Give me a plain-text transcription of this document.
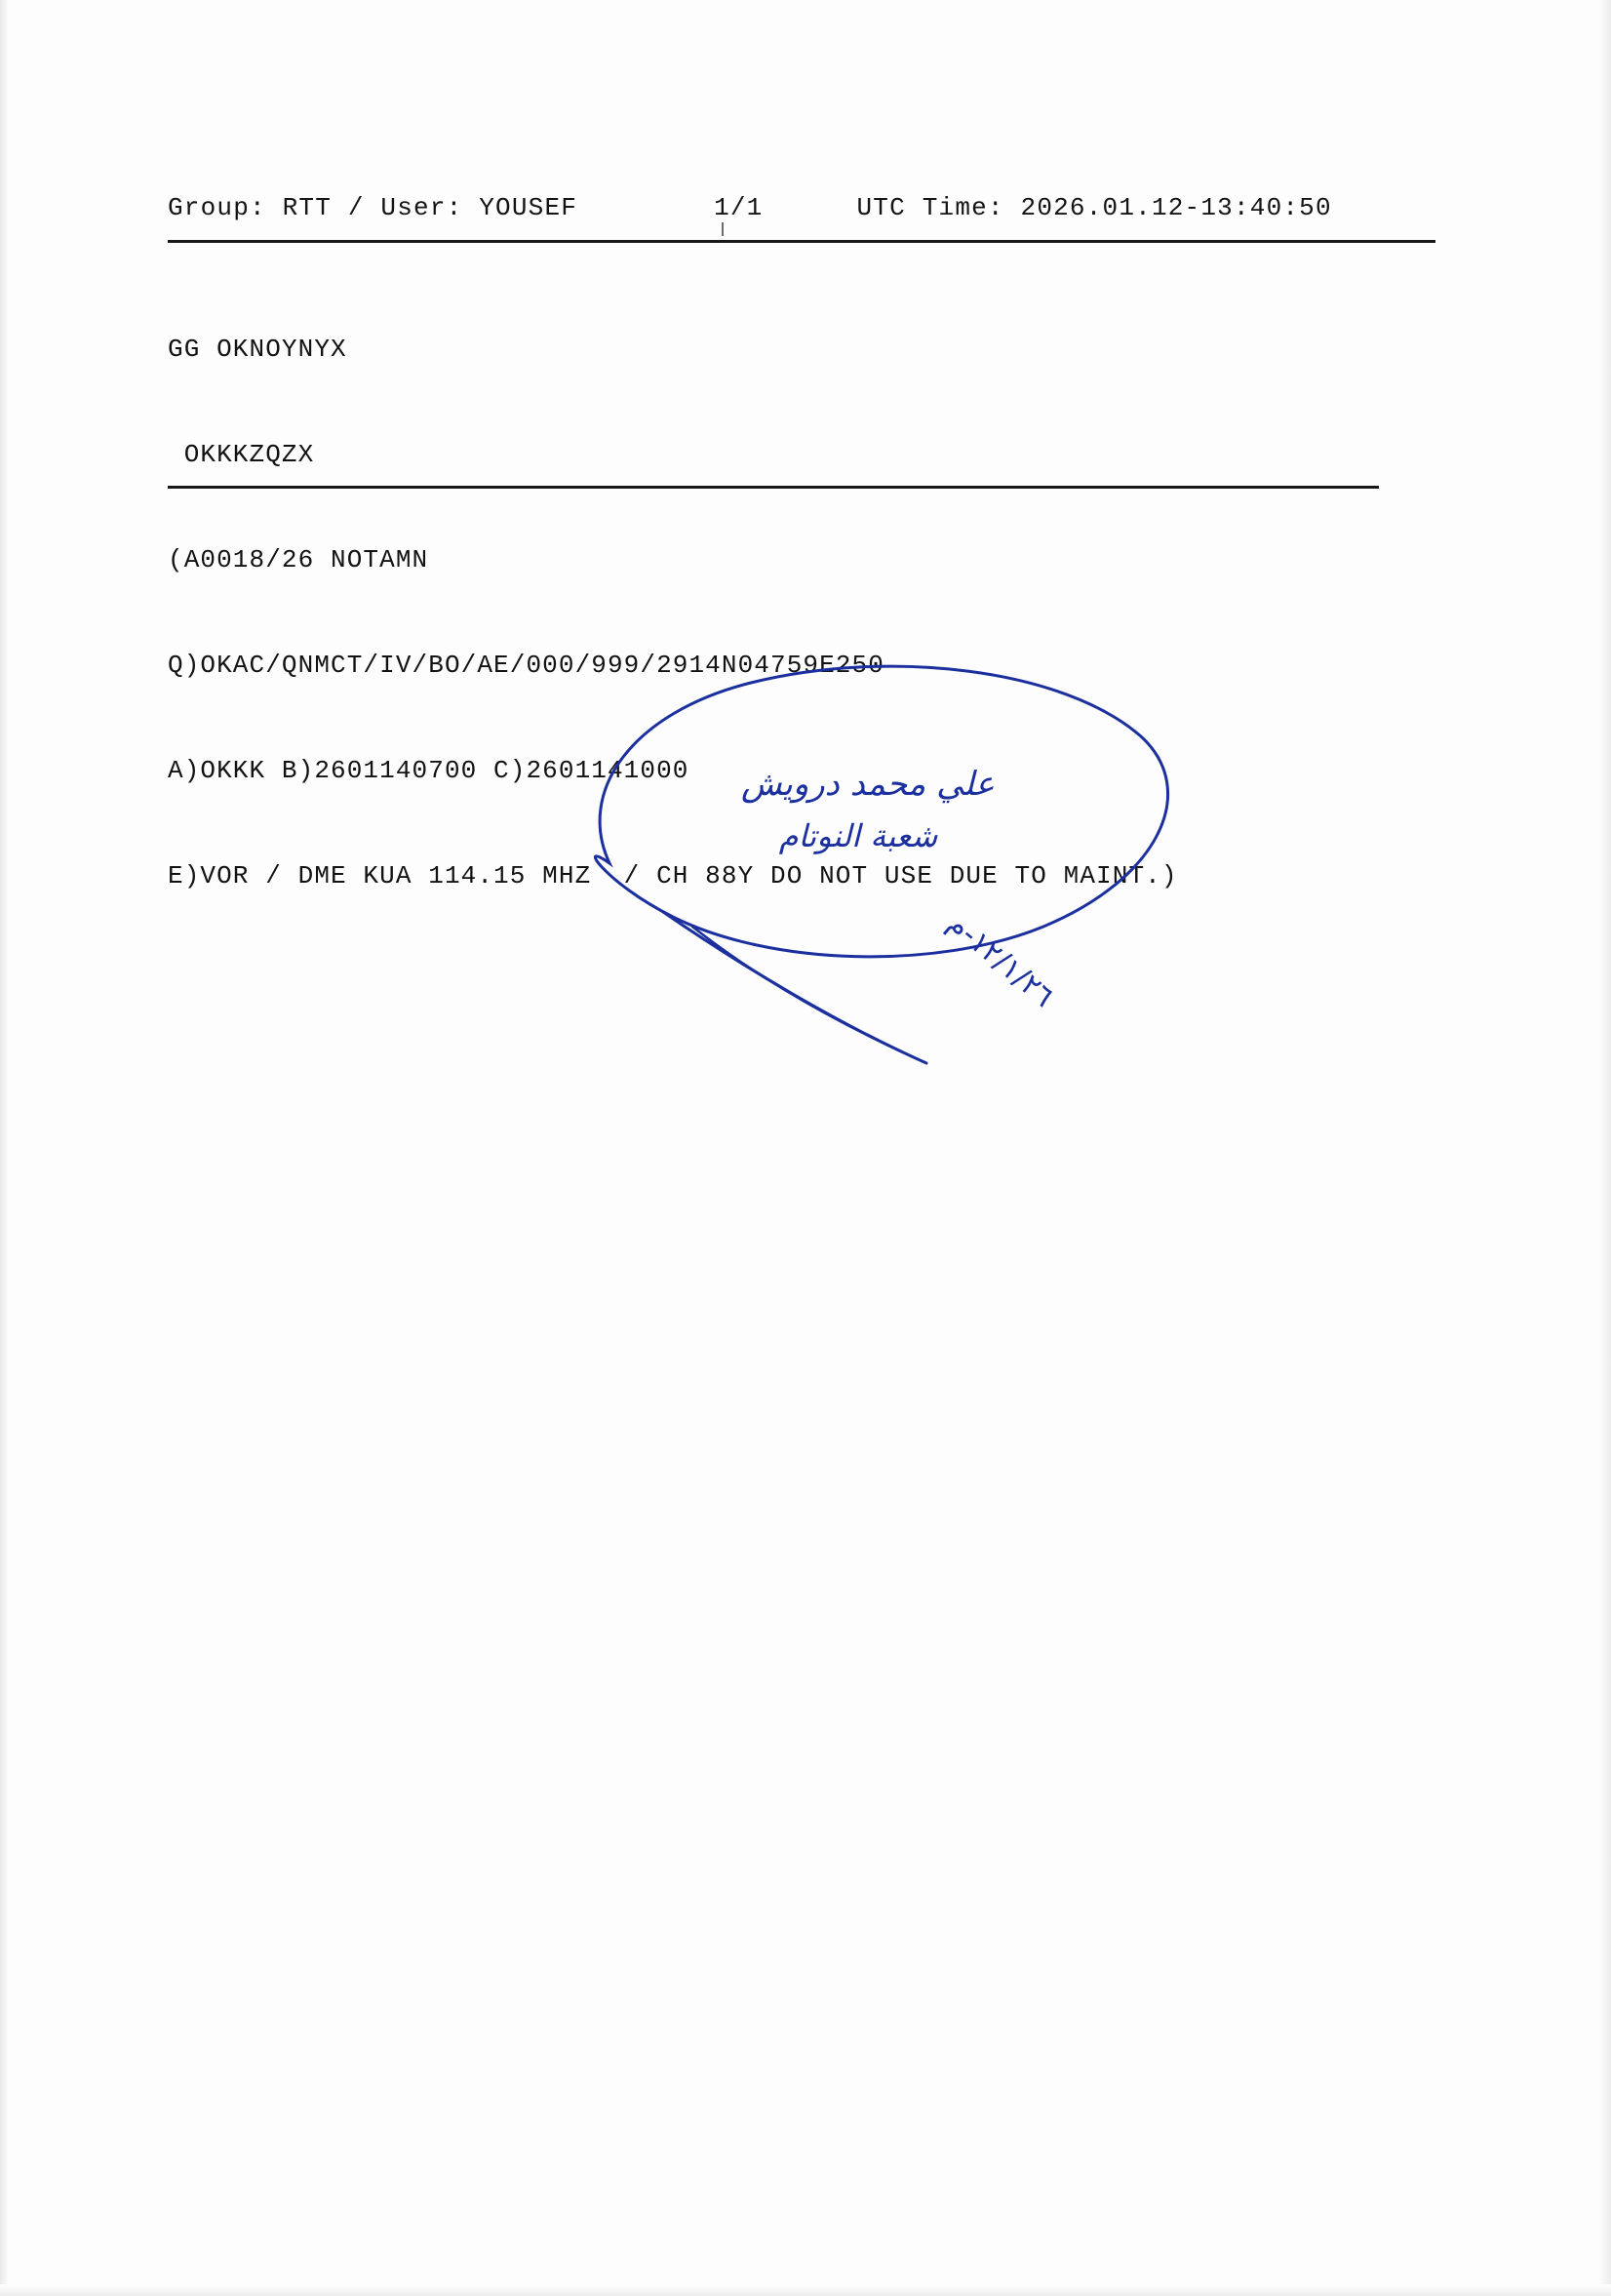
Group: RTT / User: YOUSEF	1/1	UTC Time: 2026.01.12-13:40:50

GG OKNOYNYX

OKKKZQZX

(A0018/26 NOTAMN

Q)OKAC/QNMCT/IV/BO/AE/000/999/2914N04759E250

A)OKKK B)2601140700 C)2601141000

E)VOR / DME KUA 114.15 MHZ  / CH 88Y DO NOT USE DUE TO MAINT.)

علي محمد درويش
شعبة النوتام
١٢/١/٢٦-م
